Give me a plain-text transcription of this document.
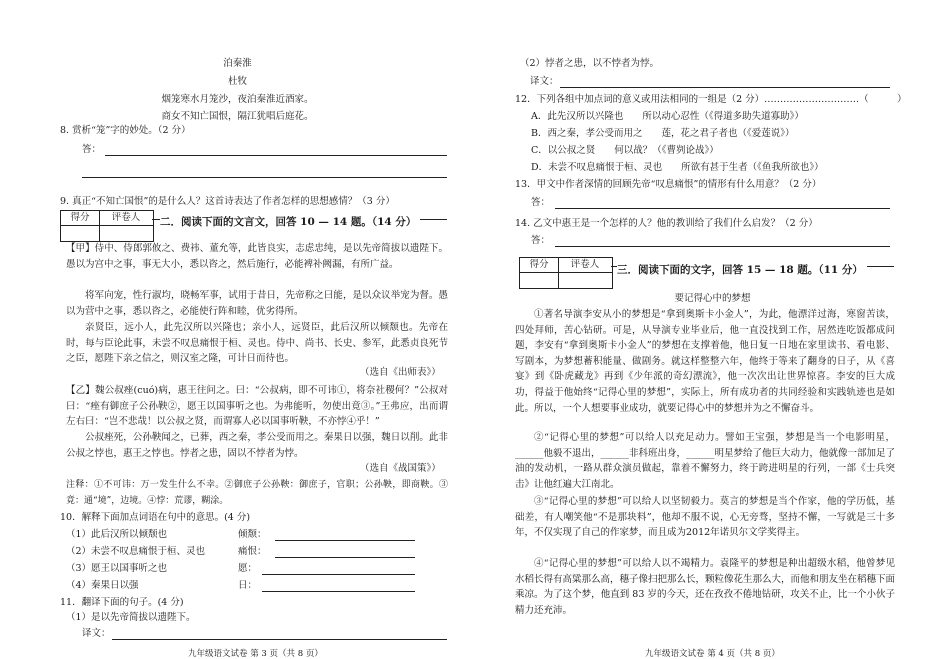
泊秦淮
杜牧
烟笼寒水月笼沙，夜泊秦淮近酒家。
商女不知亡国恨，隔江犹唱后庭花。
8. 赏析“笼”字的妙处。（2 分）
答：
9. 真正“不知亡国恨”的是什么人？这首诗表达了作者怎样的思想感情？（3 分）
得分	评卷人	二．阅读下面的文言文，回答 10 — 14 题。（14 分）
【甲】侍中、侍郎郭攸之、费祎、董允等，此皆良实，志虑忠纯，是以先帝简拔以遗陛下。愚以为宫中之事，事无大小，悉以咨之，然后施行，必能裨补阙漏，有所广益。
将军向宠，性行淑均，晓畅军事，试用于昔日，先帝称之曰能，是以众议举宠为督。愚以为营中之事，悉以咨之，必能使行阵和睦，优劣得所。
亲贤臣，远小人，此先汉所以兴隆也；亲小人，远贤臣，此后汉所以倾颓也。先帝在时，每与臣论此事，未尝不叹息痛恨于桓、灵也。侍中、尚书、长史、参军，此悉贞良死节之臣，愿陛下亲之信之，则汉室之隆，可计日而待也。
（选自《出师表》）
【乙】魏公叔痤(cuó)病，惠王往问之。曰：“公叔病，即不可讳①，将奈社稷何？”公叔对曰：“痤有御庶子公孙鞅②，愿王以国事听之也。为弗能听，勿使出竟③。”王弗应，出而谓左右曰：“岂不悲哉！以公叔之贤，而谓寡人必以国事听鞅，不亦悖④乎！”
公叔痤死，公孙鞅闻之，已葬，西之秦，孝公受而用之。秦果日以强，魏日以削。此非公叔之悖也，惠王之悖也。悖者之患，固以不悖者为悖。
（选自《战国策》）
注释：①不可讳：万一发生什么不幸。②御庶子公孙鞅：御庶子，官职；公孙鞅，即商鞅。③竟：通“境”，边境。④悖：荒谬，糊涂。
10．解释下面加点词语在句中的意思。(4 分)
（1）此后汉所以倾颓也	倾颓：
（2）未尝不叹息痛恨于桓、灵也	痛恨：
（3）愿王以国事听之也	愿：
（4）秦果日以强	日：
11．翻译下面的句子。(4 分)
（1）是以先帝简拔以遗陛下。
译文：
九年级语文试卷 第 3 页（共 8 页）
（2）悖者之患，以不悖者为悖。
译文：
12．下列各组中加点词的意义或用法相同的一组是（2 分）…………………………（　　　）
A．此先汉所以兴隆也　　所以动心忍性（《得道多助失道寡助》）
B．西之秦，孝公受而用之　　莲，花之君子者也（《爱莲说》）
C．以公叔之贤　　何以战？（《曹刿论战》）
D．未尝不叹息痛恨于桓、灵也　　所欲有甚于生者（《鱼我所欲也》）
13．甲文中作者深情的回顾先帝“叹息痛恨”的情形有什么用意？（2 分）
答：
14. 乙文中惠王是一个怎样的人？他的教训给了我们什么启发？（2 分）
答：
得分	评卷人	三．阅读下面的文字，回答 15 — 18 题。（11 分）
要记得心中的梦想
①著名导演李安从小的梦想是“拿到奥斯卡小金人”，为此，他漂洋过海，寒窗苦读，四处拜师，苦心钻研。可是，从导演专业毕业后，他一直没找到工作，居然连吃饭都成问题，李安有“拿到奥斯卡小金人”的梦想在支撑着他，他日复一日地在家里读书、看电影、写剧本，为梦想蓄积能量、做剧务。就这样整整六年，他终于等来了翻身的日子，从《喜宴》到《卧虎藏龙》再到《少年派的奇幻漂流》，他一次次出让世界惊喜。李安的巨大成功，得益于他始终“记得心里的梦想”，实际上，所有成功者的共同经验和实践轨迹也是如此。所以，一个人想要事业成功，就要记得心中的梦想并为之不懈奋斗。
②“记得心里的梦想”可以给人以充足动力。譬如王宝强，梦想是当一个电影明星，______他毅不退出，______非科班出身，______明星梦给了他巨大动力，他就像一部加足了油的发动机，一路从群众演员做起，靠着不懈努力，终于跨进明星的行列，一部《士兵突击》让他红遍大江南北。
③“记得心里的梦想”可以给人以坚韧毅力。莫言的梦想是当个作家，他的学历低，基础差，有人嘲笑他“不是那块料”，他却不服不说，心无旁骛，坚持不懈，一写就是三十多年，不仅实现了自己的作家梦，而且成为2012年诺贝尔文学奖得主。
④“记得心里的梦想”可以给人以不竭精力。袁隆平的梦想是种出超级水稻，他曾梦见水稻长得有高粱那么高，穗子像扫把那么长，颗粒像花生那么大，而他和朋友坐在稻穗下面乘凉。为了这个梦，他直到 83 岁的今天，还在孜孜不倦地钻研，攻关不止，比一个小伙子精力还充沛。
九年级语文试卷 第 4 页（共 8 页）
